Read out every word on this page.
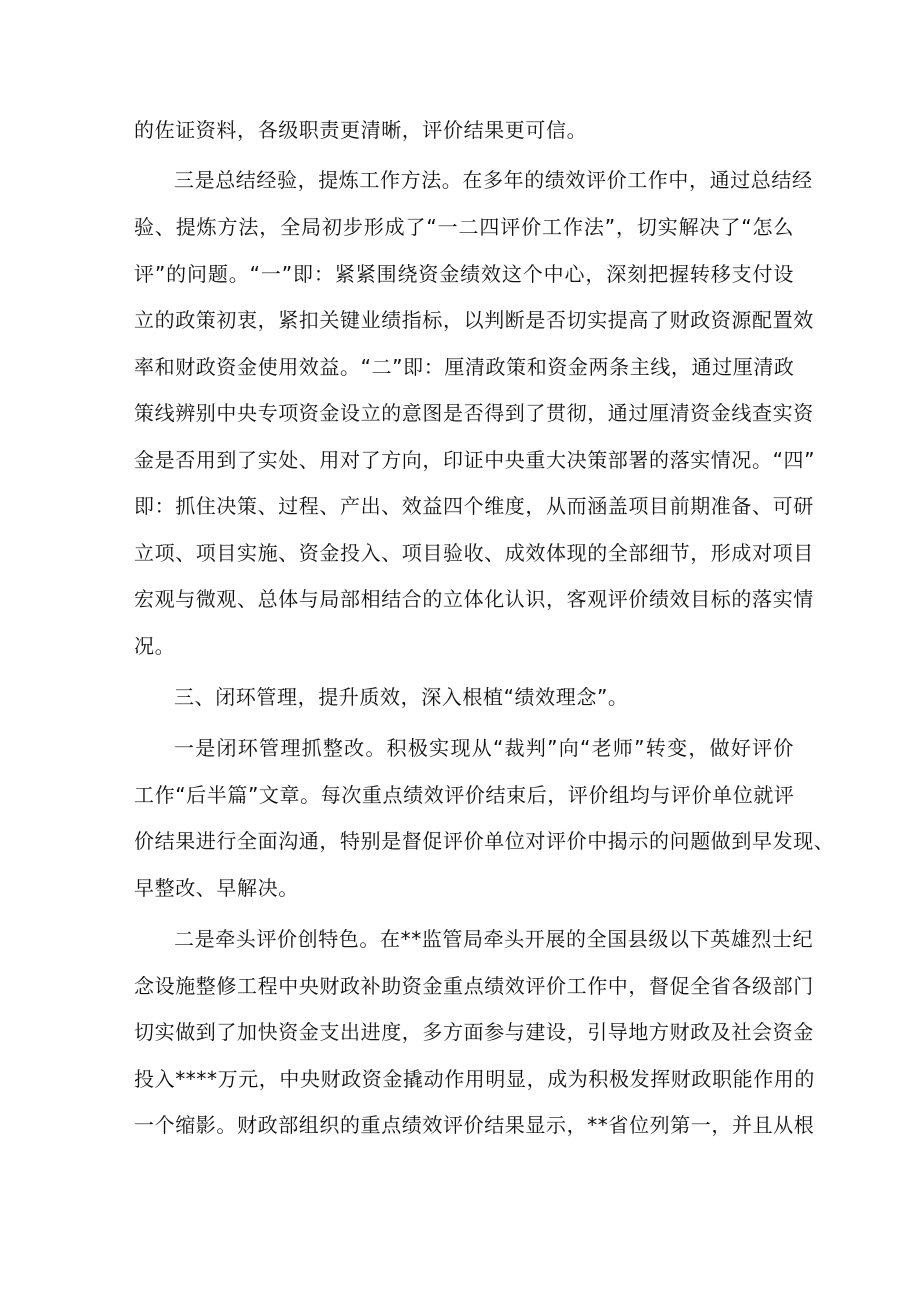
的佐证资料，各级职责更清晰，评价结果更可信。
三是总结经验，提炼工作方法。在多年的绩效评价工作中，通过总结经
验、提炼方法，全局初步形成了“一二四评价工作法”，切实解决了“怎么
评”的问题。“一”即：紧紧围绕资金绩效这个中心，深刻把握转移支付设
立的政策初衷，紧扣关键业绩指标，以判断是否切实提高了财政资源配置效
率和财政资金使用效益。“二”即：厘清政策和资金两条主线，通过厘清政
策线辨别中央专项资金设立的意图是否得到了贯彻，通过厘清资金线查实资
金是否用到了实处、用对了方向，印证中央重大决策部署的落实情况。“四”
即：抓住决策、过程、产出、效益四个维度，从而涵盖项目前期准备、可研
立项、项目实施、资金投入、项目验收、成效体现的全部细节，形成对项目
宏观与微观、总体与局部相结合的立体化认识，客观评价绩效目标的落实情
况。
三、闭环管理，提升质效，深入根植“绩效理念”。
一是闭环管理抓整改。积极实现从“裁判”向“老师”转变，做好评价
工作“后半篇”文章。每次重点绩效评价结束后，评价组均与评价单位就评
价结果进行全面沟通，特别是督促评价单位对评价中揭示的问题做到早发现、
早整改、早解决。
二是牵头评价创特色。在**监管局牵头开展的全国县级以下英雄烈士纪
念设施整修工程中央财政补助资金重点绩效评价工作中，督促全省各级部门
切实做到了加快资金支出进度，多方面参与建设，引导地方财政及社会资金
投入****万元，中央财政资金撬动作用明显，成为积极发挥财政职能作用的
一个缩影。财政部组织的重点绩效评价结果显示，**省位列第一，并且从根
